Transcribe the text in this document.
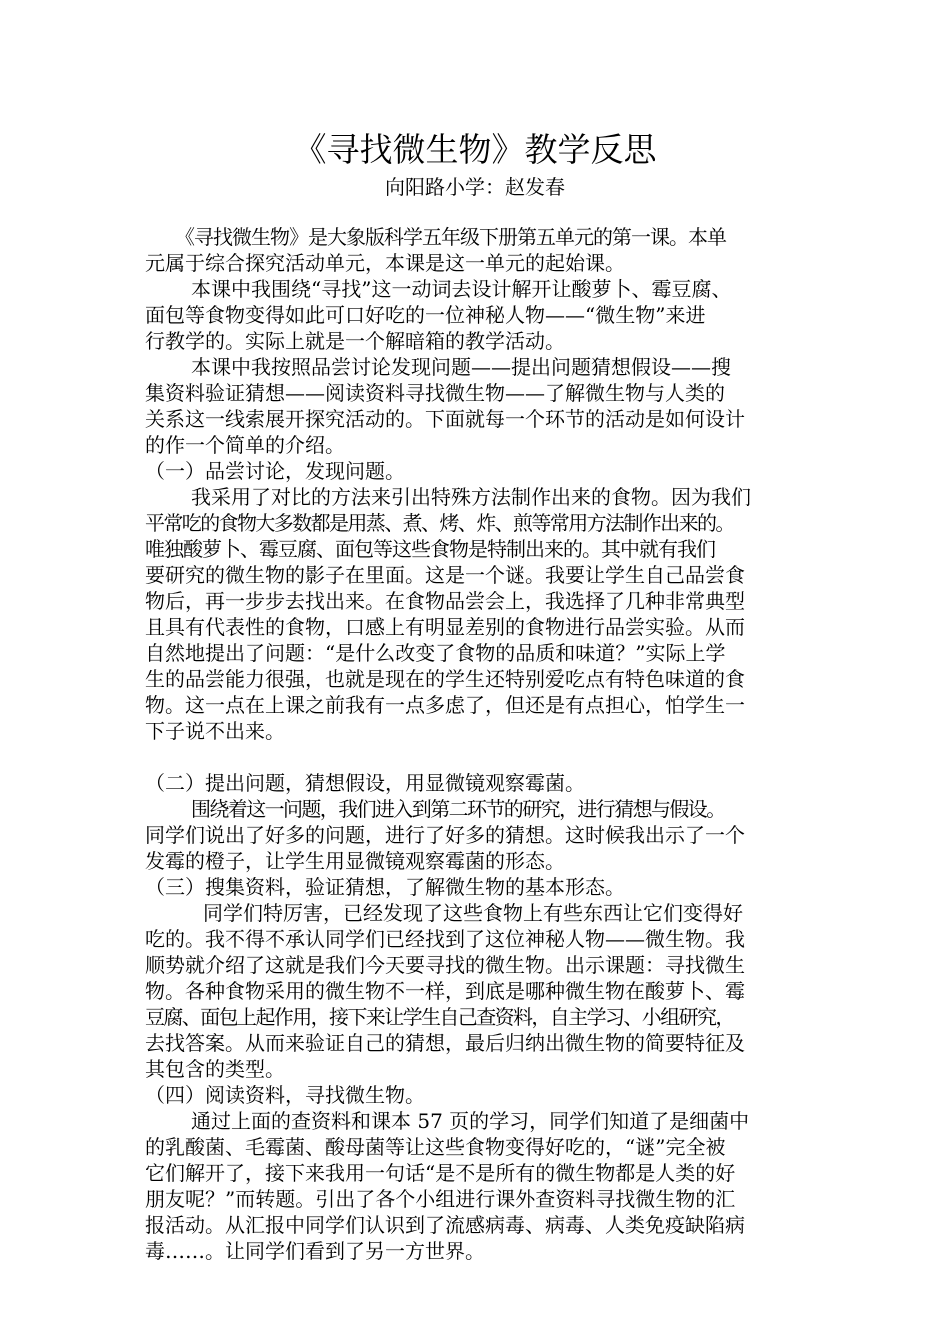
《寻找微生物》教学反思
向阳路小学：赵发春
《寻找微生物》是大象版科学五年级下册第五单元的第一课。本单
元属于综合探究活动单元，本课是这一单元的起始课。
本课中我围绕“寻找”这一动词去设计解开让酸萝卜、霉豆腐、
面包等食物变得如此可口好吃的一位神秘人物——“微生物”来进
行教学的。实际上就是一个解暗箱的教学活动。
本课中我按照品尝讨论发现问题——提出问题猜想假设——搜
集资料验证猜想——阅读资料寻找微生物——了解微生物与人类的
关系这一线索展开探究活动的。下面就每一个环节的活动是如何设计
的作一个简单的介绍。
（一）品尝讨论，发现问题。
我采用了对比的方法来引出特殊方法制作出来的食物。因为我们
平常吃的食物大多数都是用蒸、煮、烤、炸、煎等常用方法制作出来的。
唯独酸萝卜、霉豆腐、面包等这些食物是特制出来的。其中就有我们
要研究的微生物的影子在里面。这是一个谜。我要让学生自己品尝食
物后，再一步步去找出来。在食物品尝会上，我选择了几种非常典型
且具有代表性的食物，口感上有明显差别的食物进行品尝实验。从而
自然地提出了问题：“是什么改变了食物的品质和味道？”实际上学
生的品尝能力很强，也就是现在的学生还特别爱吃点有特色味道的食
物。这一点在上课之前我有一点多虑了，但还是有点担心，怕学生一
下子说不出来。
（二）提出问题，猜想假设，用显微镜观察霉菌。
围绕着这一问题，我们进入到第二环节的研究，进行猜想与假设。
同学们说出了好多的问题，进行了好多的猜想。这时候我出示了一个
发霉的橙子，让学生用显微镜观察霉菌的形态。
（三）搜集资料，验证猜想，了解微生物的基本形态。
同学们特厉害，已经发现了这些食物上有些东西让它们变得好
吃的。我不得不承认同学们已经找到了这位神秘人物——微生物。我
顺势就介绍了这就是我们今天要寻找的微生物。出示课题：寻找微生
物。各种食物采用的微生物不一样，到底是哪种微生物在酸萝卜、霉
豆腐、面包上起作用，接下来让学生自己查资料，自主学习、小组研究，
去找答案。从而来验证自己的猜想，最后归纳出微生物的简要特征及
其包含的类型。
（四）阅读资料，寻找微生物。
通过上面的查资料和课本 57 页的学习，同学们知道了是细菌中
的乳酸菌、毛霉菌、酸母菌等让这些食物变得好吃的，“谜”完全被
它们解开了，接下来我用一句话“是不是所有的微生物都是人类的好
朋友呢？”而转题。引出了各个小组进行课外查资料寻找微生物的汇
报活动。从汇报中同学们认识到了流感病毒、病毒、人类免疫缺陷病
毒……。让同学们看到了另一方世界。
